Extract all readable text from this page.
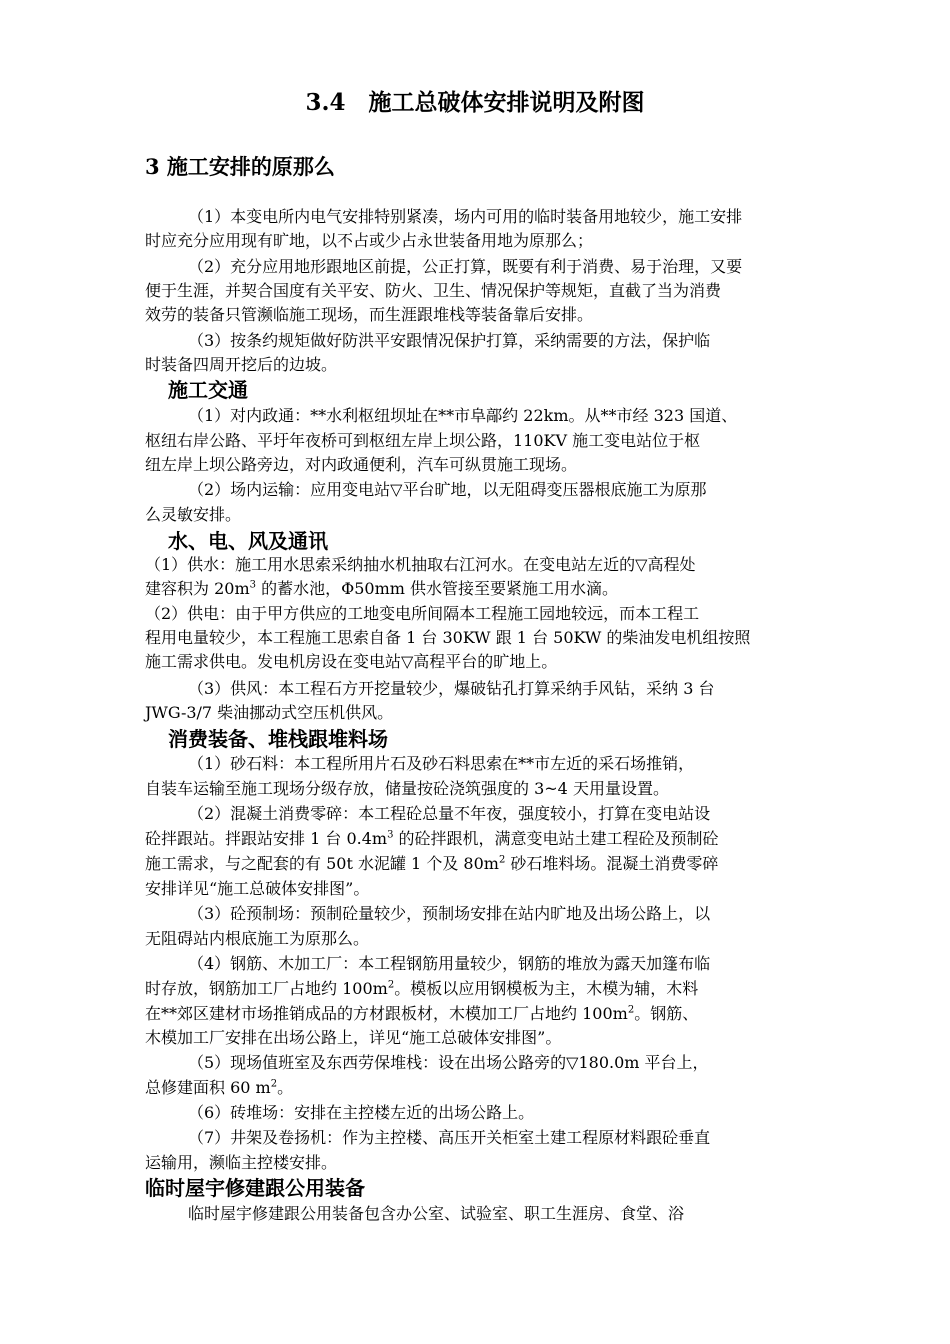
3.4　施工总破体安排说明及附图
3 施工安排的原那么
（1）本变电所内电气安排特别紧凑，场内可用的临时装备用地较少，施工安排
时应充分应用现有旷地，以不占或少占永世装备用地为原那么；
（2）充分应用地形跟地区前提，公正打算，既要有利于消费、易于治理，又要
便于生涯，并契合国度有关平安、防火、卫生、情况保护等规矩，直截了当为消费
效劳的装备只管濒临施工现场，而生涯跟堆栈等装备靠后安排。
（3）按条约规矩做好防洪平安跟情况保护打算，采纳需要的方法，保护临
时装备四周开挖后的边坡。
施工交通
（1）对内政通：**水利枢纽坝址在**市阜鄗约 22km。从**市经 323 国道、
枢纽右岸公路、平圩年夜桥可到枢纽左岸上坝公路，110KV 施工变电站位于枢
纽左岸上坝公路旁边，对内政通便利，汽车可纵贯施工现场。
（2）场内运输：应用变电站▽平台旷地，以无阻碍变压器根底施工为原那
么灵敏安排。
水、电、风及通讯
（1）供水：施工用水思索采纳抽水机抽取右江河水。在变电站左近的▽高程处
建容积为 $20m^3$ 的蓄水池，Φ50mm 供水管接至要紧施工用水滴。
（2）供电：由于甲方供应的工地变电所间隔本工程施工园地较远，而本工程工
程用电量较少，本工程施工思索自备 1 台 30KW 跟 1 台 50KW 的柴油发电机组按照
施工需求供电。发电机房设在变电站▽高程平台的旷地上。
（3）供风：本工程石方开挖量较少，爆破钻孔打算采纳手风钻，采纳 3 台
JWG-3/7 柴油挪动式空压机供风。
消费装备、堆栈跟堆料场
（1）砂石料：本工程所用片石及砂石料思索在**市左近的采石场推销，
自装车运输至施工现场分级存放，储量按砼浇筑强度的 3~4 天用量设置。
（2）混凝土消费零碎：本工程砼总量不年夜，强度较小，打算在变电站设
砼拌跟站。拌跟站安排 1 台 $0.4m^3$ 的砼拌跟机，满意变电站土建工程砼及预制砼
施工需求，与之配套的有 50t 水泥罐 1 个及 $80m^2$ 砂石堆料场。混凝土消费零碎
安排详见“施工总破体安排图”。
（3）砼预制场：预制砼量较少，预制场安排在站内旷地及出场公路上，以
无阻碍站内根底施工为原那么。
（4）钢筋、木加工厂：本工程钢筋用量较少，钢筋的堆放为露天加篷布临
时存放，钢筋加工厂占地约 $100m^2$。模板以应用钢模板为主，木模为辅，木料
在**郊区建材市场推销成品的方材跟板材，木模加工厂占地约 $100m^2$。钢筋、
木模加工厂安排在出场公路上，详见“施工总破体安排图”。
（5）现场值班室及东西劳保堆栈：设在出场公路旁的▽180.0m 平台上，
总修建面积 60 $m^2$。
（6）砖堆场：安排在主控楼左近的出场公路上。
（7）井架及卷扬机：作为主控楼、高压开关柜室土建工程原材料跟砼垂直
运输用，濒临主控楼安排。
临时屋宇修建跟公用装备
临时屋宇修建跟公用装备包含办公室、试验室、职工生涯房、食堂、浴
